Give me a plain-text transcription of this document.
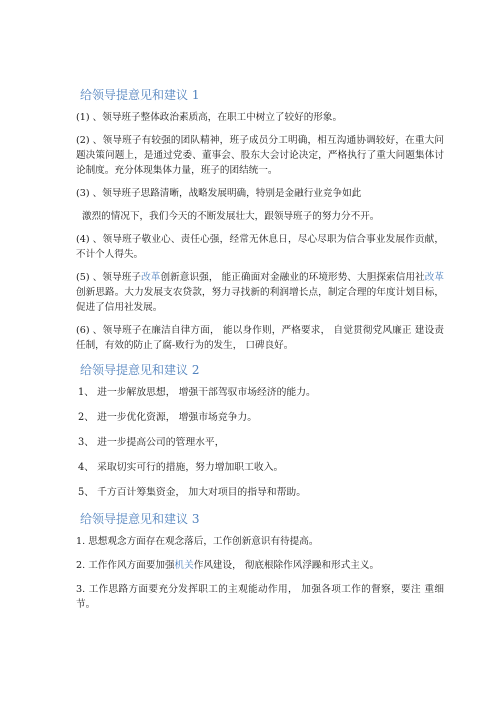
给领导提意见和建议 1

(1) 、领导班子整体政治素质高，在职工中树立了较好的形象。

(2) 、领导班子有较强的团队精神，班子成员分工明确，相互沟通协调较好，在重大问题决策问题上，是通过党委、董事会、股东大会讨论决定，严格执行了重大问题集体讨论制度。充分体现集体力量，班子的团结统一。

(3) 、领导班子思路清晰，战略发展明确，特别是金融行业竞争如此

激烈的情况下，我们今天的不断发展壮大，跟领导班子的努力分不开。

(4) 、领导班子敬业心、责任心强，经常无休息日，尽心尽职为信合事业发展作贡献，不计个人得失。

(5) 、领导班子改革创新意识强， 能正确面对金融业的环境形势、大胆探索信用社改革创新思路。大力发展支农贷款，努力寻找新的利润增长点，制定合理的年度计划目标， 促进了信用社发展。

(6) 、领导班子在廉洁自律方面， 能以身作则，严格要求， 自觉贯彻党风廉正 建设责任制，有效的防止了腐-败行为的发生， 口碑良好。

给领导提意见和建议 2

1、 进一步解放思想， 增强干部驾驭市场经济的能力。

2、 进一步优化资源， 增强市场竞争力。

3、 进一步提高公司的管理水平，

4、 采取切实可行的措施，努力增加职工收入。

5、 千方百计筹集资金， 加大对项目的指导和帮助。

给领导提意见和建议 3

1. 思想观念方面存在观念落后，工作创新意识有待提高。

2. 工作作风方面要加强机关作风建设， 彻底根除作风浮躁和形式主义。

3. 工作思路方面要充分发挥职工的主观能动作用， 加强各项工作的督察，要注 重细节。
